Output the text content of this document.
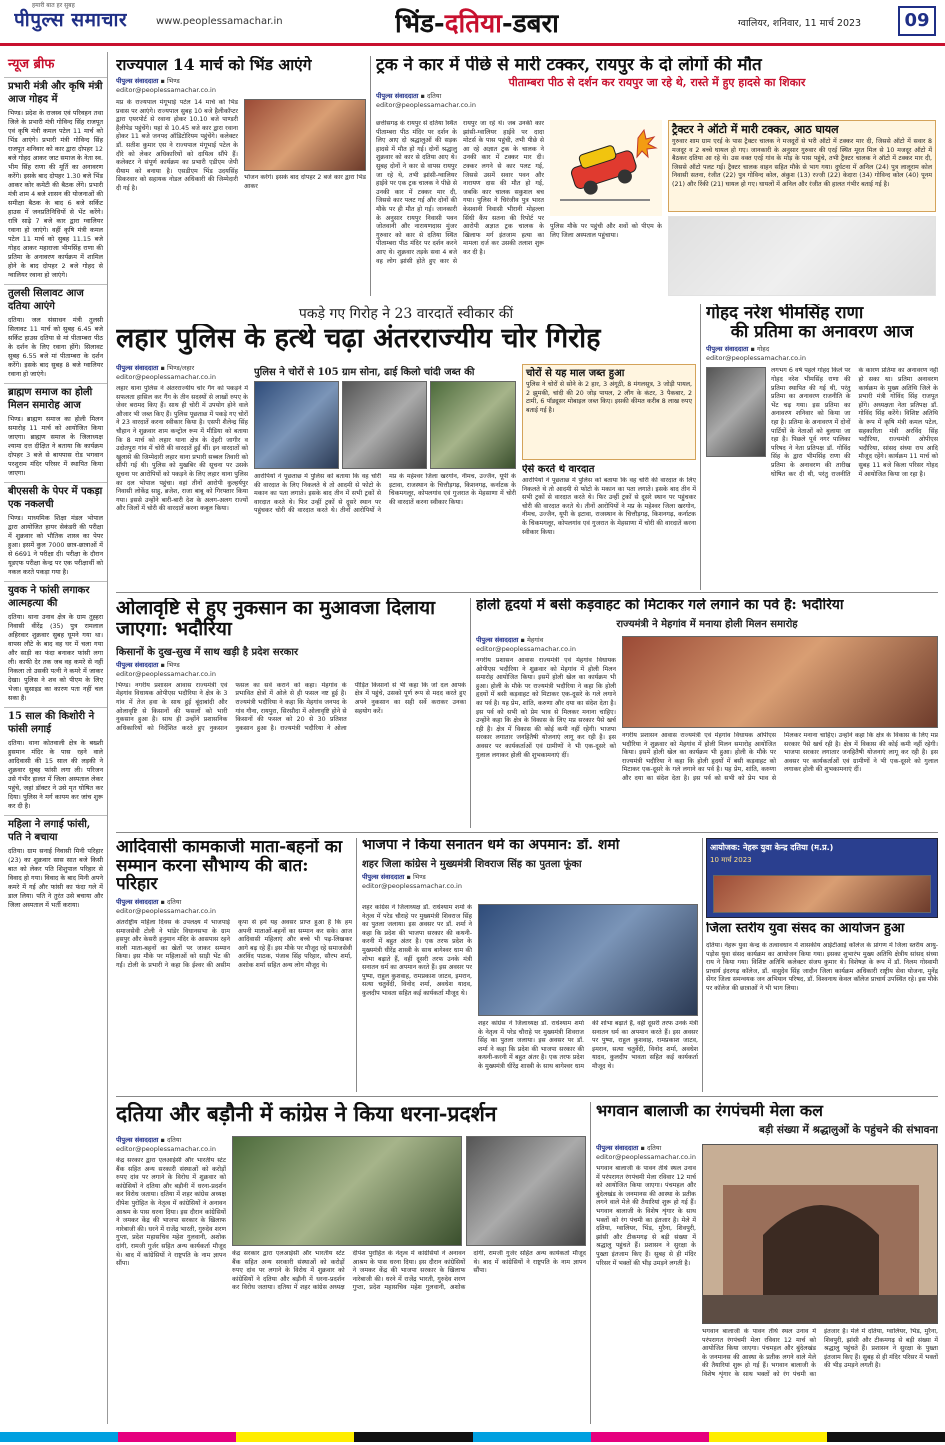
हमारी बात हर सुबह
पीपुल्स समाचार	www.peoplessamachar.in	भिंड-दतिया-डबरा	ग्वालियर, शनिवार, 11 मार्च 2023	09
न्यूज ब्रीफ
प्रभारी मंत्री और कृषि मंत्री आज गोहद में
भिण्ड। प्रदेश के राजस्व एवं परिवहन तथा जिले के प्रभारी मंत्री गोविन्द सिंह राजपूत एवं कृषि मंत्री कमल पटेल 11 मार्च को भिंड आएंगे। प्रभारी मंत्री गोविन्द सिंह राजपूत शनिवार को कार द्वारा दोपहर 12 बजे गोहद आकर जाट समाज के नेता स्व. भीम सिंह राणा की मूर्ति का अनावरण करेंगे। इसके बाद दोपहर 1.30 बजे भिंड आकर कोर कमेटी की बैठक लेंगे। प्रभारी मंत्री शाम 4 बजे शासन की योजनाओं की समीक्षा बैठक के बाद 6 बजे सर्किट हाउस में जनप्रतिनिधियों से भेंट करेंगे। रात्रि साढ़े 7 बजे कार द्वारा ग्वालियर रवाना हो जाएंगे। वहीं कृषि मंत्री कमल पटेल 11 मार्च को सुबह 11.15 बजे गोहद आकर महाराजा भीमसिंह राणा की प्रतिमा के अनावरण कार्यक्रम में शामिल होने के बाद दोपहर 2 बजे गोहद से ग्वालियर रवाना हो जाएंगे।
तुलसी सिलावट आज दतिया आएंगे
दतिया। जल संसाधन मंत्री तुलसी सिलावट 11 मार्च को सुबह 6.45 बजे सर्किट हाउस दतिया से मां पीताम्बरा पीठ के दर्शन के लिए रवाना होंगे। सिलावट सुबह 6.55 बजे मां पीताम्बरा के दर्शन करेंगे। इसके बाद सुबह 8 बजे ग्वालियर रवाना हो जाएंगे।
ब्राह्मण समाज का होली मिलन समारोह आज
भिण्ड। ब्राह्मण समाज का होली मिलन समारोह 11 मार्च को आयोजित किया जाएगा। ब्राह्मण समाज के जिलाध्यक्ष श्यामा दत्त दीक्षित ने बताया कि कार्यक्रम दोपहर 3 बजे से बायपास रोड भगवान परशुराम मंदिर परिसर में स्थापित किया जाएगा।
बीएससी के पेपर में पकड़ा एक नकलची
भिण्ड। माध्यमिक शिक्षा मंडल भोपाल द्वारा आयोजित हायर सेकंडरी की परीक्षा में शुक्रवार को भौतिक शास्त्र का पेपर हुआ। इसमें कुल 7000 छात्र-छात्राओं में से 6691 ने परीक्षा दी। परीक्षा के दौरान यूडएफ परीक्षा केन्द्र पर एक परीक्षार्थी को नकल करते पकड़ा गया है।
युवक ने फांसी लगाकर आत्महत्या की
दतिया। थाना उनाव क्षेत्र के ग्राम तुह्हरा निवासी वीरेंद्र (35) पुत्र रामलाल अहिरवार शुक्रवार सुबह घूमने गया था। वापस लौटे के बाद वह घर में चला गया और साड़ी का फंदा बनाकर फांसी लगा ली। काफी देर तक जब वह कमरे से नहीं निकला तो उसकी पत्नी ने कमरे में जाकर देखा। पुलिस ने शव को पीएम के लिए भेजा। सुसाइड का कारण पता नहीं चल सका है।
15 साल की किशोरी ने फांसी लगाई
दतिया। थाना कोतवाली क्षेत्र के बख्शी हुसमान मंदिर के पास रहने वाले आदिवासी की 15 साल की लड़की ने शुक्रवार सुबह फांसी लगा ली। परिजन उसे गंभीर हालत में जिला अस्पताल लेकर पहुंचे, जहां डॉक्टर ने उसे मृत घोषित कर दिया। पुलिस ने मर्ग कायम कर जांच शुरू कर दी है।
महिला ने लगाई फांसी, पति ने बचाया
दतिया। ग्राम सनाई निवासी मिनी परिहार (23) का शुक्रवार सास सात बजे किसी बात को लेकर पति शिशुपाल परिहार से विवाद हो गया। विवाद के बाद मिनी अपने कमरे में गई और फांसी का फंदा गले में डाल लिया। पति ने तुरंत उसे बचाया और जिला अस्पताल में भर्ती कराया।
राज्यपाल 14 मार्च को भिंड आएंगे
पीपुल्स संवाददाता ▪ भिण्ड
editor@peoplessamachar.co.in
मप्र के राज्यपाल मंगूभाई पटेल 14 मार्च को भिंड प्रवास पर आएंगे। राज्यपाल सुबह 10 बजे हैलीकॉप्टर द्वारा एयरपोर्ट से रवाना होकर 10.10 बजे पाण्डरी हैलीपेड पहुंचेंगे। यहां से 10.45 बजे कार द्वारा रवाना होकर 11 बजे जनपद ऑडिटोरियम पहुंचेंगे। कलेक्टर डॉ. सतीश कुमार एस ने राज्यपाल मंगूभाई पटेल के दौरे को लेकर अधिकारियों को दायित्व सौंपे हैं। कलेक्टर ने संपूर्ण कार्यक्रम का प्रभारी एडीएम जेपी सैयाम को बनाया है। एसडीएम भिंड उदयसिंह सिकरवार को सहायक नोडल अधिकारी की जिम्मेदारी दी गई है।
भोजन करेंगे। इसके बाद दोपहर 2 बजे कार द्वारा भिंड आकर
ट्रक ने कार में पीछे से मारी टक्कर, रायपुर के दो लोगों की मौत
पीताम्बरा पीठ से दर्शन कर रायपुर जा रहे थे, रास्ते में हुए हादसे का शिकार
पीपुल्स संवाददाता ▪ दतिया
editor@peoplessamachar.co.in
छत्तीसगढ़ के रायपुर से दतिया स्थित पीताम्बरा पीठ मंदिर पर दर्शन के लिए आए दो श्रद्धालुओं की सड़क हादसे में मौत हो गई। दोनों श्रद्धालु शुक्रवार को कार से दतिया आए थे। सुबह दोनों ने कार से वापस रायपुर जा रहे थे, तभी झांसी-ग्वालियर हाईवे पर एक ट्रक चालक ने पीछे से उनकी कार में टक्कर मार दी, जिससे कार पलट गई और दोनों की मौके पर ही मौत हो गई। जानकारी के अनुसार रायपुर निवासी पवन जोतवानी और नारायणदास मुंजर गुरुवार को कार से दतिया स्थित पीताम्बरा पीठ मंदिर पर दर्शन करने आए थे। शुक्रवार तड़के सवा 4 बजे वह लोग झांसी होते हुए कार से रायपुर जा रहे थे। जब उनकी कार झांसी-ग्वालियर हाईवे पर दादा मोटर्स के पास पहुंची, तभी पीछे से आ रहे अज्ञात ट्रक के चालक ने उनकी कार में टक्कर मार दी। टक्कर लगने से कार पलट गई, जिससे उसमें सवार पवन और नारायण दास की मौत हो गई, जबकि कार चालक सकुशल बच गया। पुलिस ने चिरंजीव पुत्र भारत केसवानी निवासी भीरानी मोहल्ला सिंधी कैंप सतना की रिपोर्ट पर आरोपी अज्ञात ट्रक चालक के खिलाफ मर्ग इंतजाम हत्या का मामला दर्ज कर उसकी तलाश शुरू कर दी है।
पुलिस मौके पर पहुंची और शवों को पीएम के लिए जिला अस्पताल पहुंचाया।
ट्रैक्टर ने ऑटो में मारी टक्कर, आठ घायल
गुरुवार शाम ग्राम एरई के पास ट्रैक्टर चालक ने मजदूरों से भरी ऑटो में टक्कर मार दी, जिससे ऑटो में सवार 8 मजदूर व 2 बच्चे घायल हो गए। जानकारी के अनुसार गुरुवार की एरई स्थित मूरत मिल से 10 मजदूर ऑटो में बैठकर दतिया आ रहे थे। उस वक्त एरई गांव के मोड़ के पास पहुंचे, तभी ट्रैक्टर चालक ने ऑटो में टक्कर मार दी, जिससे ऑटो पलट गई। ट्रैक्टर चालक वाहन सहित मौके से भाग गया। दुर्घटना में अनिल (24) पुत्र लालूराम कोल निवासी सतना, रंजीत (22) पुत्र गोविन्द कोल, अंकुश (13) रज्जी (22) केदारा (34) गोविन्द कोल (40) पूनम (21) और रिंकी (21) घायल हो गए। घायलों में अनिल और रंजीत की हालत गंभीर बताई गई है।
पकड़े गए गिरोह ने 23 वारदातें स्वीकार कीं
लहार पुलिस के हत्थे चढ़ा अंतरराज्यीय चोर गिरोह
पीपुल्स संवाददाता ▪ भिण्ड/लहार
editor@peoplessamachar.co.in
लहार थाना पुलिस ने अंतरराज्यीय चोर गैंग को पकड़ने में सफलता हासिल कर गैंग के तीन सदस्यों से लाखों रुपए के जेवर बरामद किए हैं। साथ ही चोरी में उपयोग होने वाले औजार भी जब्त किए हैं। पुलिस पूछताछ में पकड़े गए चोरों ने 23 वारदातें करना स्वीकार किया है। एसपी शैलेन्द्र सिंह चौहान ने शुक्रवार शाम कन्ट्रोल रूम में मीडिया को बताया कि 8 मार्च को लहार थाना क्षेत्र के देहरी जागीर व उदोतपुरा गांव में चोरी की वारदातें हुईं थीं। इन वारदातों को खुलासे की जिम्मेदारी लहार थाना प्रभारी सब्बल तिवारी को सौंपी गई थी। पुलिस को मुखबिर की सूचना पर उसके सूचना पर आरोपियों को पकड़ने के लिए लहार थाना पुलिस का दल भोपाल पहुंचा। वहां तीनों आरोपी कुल्हर्यपुर निवासी लोकेंद्र साहु, ब्रजेश, राजा बाबू को गिरफ्तार किया गया। इससे उन्होंने बारी-बारी देश के अलग-अलग राज्यों और जिलों में चोरी की वारदातें करना कबूल किया।
पुलिस ने चोरों से 105 ग्राम सोना, ढाई किलो चांदी जब्त की
आरोपियों ने पूछताछ में पुलिस को बताया कि वह चोरी की वारदात के लिए निकलते थे तो आदमी से फोटो के मकान का पता लगाते। इसके बाद तीन में सभी ट्रकों से वारदात करते थे। फिर उन्हीं ट्रकों से दूसरे स्थान पर पहुंचकर चोरी की वारदात करते थे। तीनों आरोपियों ने मप्र के महेश्वर जिला खरगोन, नीमच, उज्जैन, यूपी के इटावा, राजस्थान के चित्तौड़गढ़, किशनगढ़, कर्नाटक के चिकमगलूर, कोपलगांव एवं गुजरात के मेहसाणा में चोरी की वारदातें करना स्वीकार किया।
चोरों से यह माल जब्त हुआ
पुलिस ने चोरों से सोने के 2 हार, 3 अंगूठी, 8 मंगलसूत्र, 3 जोड़ी पायल, 2 झुमकी, चांदी की 20 जोड़ पायल, 2 लौंग के कंटर, 3 पैकबार, 2 टामी, 6 पॉड्यूसर मोबाइल जब्त किए। इसकी कीमत करीब 8 लाख रुपए बताई गई है।
ऐसे करते थे वारदात
आरोपियों ने पूछताछ में पुलिस को बताया कि वह चोरी की वारदात के लिए निकलते थे तो आदमी से फोटो के मकान का पता लगाते। इसके बाद तीन में सभी ट्रकों से वारदात करते थे। फिर उन्हीं ट्रकों से दूसरे स्थान पर पहुंचकर चोरी की वारदात करते थे। तीनों आरोपियों ने मप्र के महेश्वर जिला खरगोन, नीमच, उज्जैन, यूपी के इटावा, राजस्थान के चित्तौड़गढ़, किशनगढ़, कर्नाटक के चिकमगलूर, कोपलगांव एवं गुजरात के मेहसाणा में चोरी की वारदातें करना स्वीकार किया।
गोहद नरेश भीमसिंह राणा
की प्रतिमा का अनावरण आज
पीपुल्स संवाददाता ▪ गोहद
editor@peoplessamachar.co.in
लगभग 6 वर्ष पहले गोहद किले पर गोहद नरेश भीमसिंह राणा की प्रतिमा स्थापित की गई थी, परंतु प्रतिमा का अनावरण राजनीति के भेंट चढ़ गया। इस प्रतिमा का अनावरण शनिवार को किया जा रहा है। प्रतिमा के अनावरण में दोनों पार्टियों के नेताओं को बुलाया जा रहा है। पिछले पूर्व नगर पालिका परिषद ने नेता प्रतिपक्ष डॉ. गोविंद सिंह के द्वारा भीमसिंह राणा की प्रतिमा के अनावरण की तारीख घोषित कर दी थी, परंतु राजनीति के कारण प्रतिमा का अनावरण नहीं हो सका था। प्रतिमा अनावरण कार्यक्रम के मुख्य अतिथि जिले के प्रभारी मंत्री गोविंद सिंह राजपूत होंगे। अध्यक्षता नेता प्रतिपक्ष डॉ. गोविंद सिंह करेंगे। विशिष्ट अतिथि के रूप में कृषि मंत्री कमल पटेल, सहकारिता मंत्री अरविंद सिंह भदौरिया, राज्यमंत्री ओपीएस भदौरिया, सांसद संध्या राय आदि मौजूद रहेंगे। कार्यक्रम 11 मार्च को सुबह 11 बजे किला परिसर गोहद में आयोजित किया जा रहा है।
ओलावृष्टि से हुए नुकसान का मुआवजा दिलाया जाएगा: भदौरिया
किसानों के दुख-सुख में साथ खड़ी है प्रदेश सरकार
पीपुल्स संवाददाता ▪ भिण्ड
editor@peoplessamachar.co.in
भिण्ड। नगरीय प्रशासन आवास राज्यमंत्री एवं मेहगांव विधायक ओपीएस भदौरिया ने क्षेत्र के 3 गांव में तेज हवा के साथ हुई बूंदाबांदी और ओलावृष्टि से किसानों की फसलों को भारी नुकसान हुआ है। साथ ही उन्होंने प्रशासनिक अधिकारियों को निर्देशित करते हुए नुकसान फसल का सर्वे कराने को कहा। मेहगांव के प्रभावित क्षेत्रों में ओले से ही फसल नष्ट हुई है। राज्यमंत्री भदौरिया ने कहा कि मेहगांव जनपद के गांव गौना, रायपुरा, सिरसौदा में ओलावृष्टि होने से किसानों की फसल को 20 से 30 प्रतिशत नुकसान हुआ है। राज्यमंत्री भदौरिया ने ओला पीड़ित किसानों से भी कहा कि जो दल आपके क्षेत्र में पहुंचे, उसको पूर्ण रूप से मदद करते हुए अपने नुकसान का सही सर्वे कराकर उनका सहयोग करें।
होली हृदयों में बसी कड़वाहट को मिटाकर गले लगाने का पर्व है: भदौरिया
राज्यमंत्री ने मेहगांव में मनाया होली मिलन समारोह
पीपुल्स संवाददाता ▪ मेहगांव
editor@peoplessamachar.co.in
नगरीय प्रशासन आवास राज्यमंत्री एवं मेहगांव विधायक ओपीएस भदौरिया ने शुक्रवार को मेहगांव में होली मिलन समारोह आयोजित किया। इसमें होली खेल का कार्यक्रम भी हुआ। होली के मौके पर राज्यमंत्री भदौरिया ने कहा कि होली हृदयों में बसी कड़वाहट को मिटाकर एक-दूसरे के गले लगाने का पर्व है। यह प्रेम, शांति, करुणा और दया का संदेश देता है। इस पर्व को सभी को प्रेम भाव से मिलकर मनाना चाहिए। उन्होंने कहा कि क्षेत्र के विकास के लिए मप्र सरकार पैसे खर्च रही है। क्षेत्र में विकास की कोई कमी नहीं रहेगी। भाजपा सरकार लगातार जनहितैषी योजनाएं लागू कर रही है। इस अवसर पर कार्यकर्ताओं एवं ग्रामीणों ने भी एक-दूसरे को गुलाल लगाकर होली की शुभकामनाएं दीं।
नगरीय प्रशासन आवास राज्यमंत्री एवं मेहगांव विधायक ओपीएस भदौरिया ने शुक्रवार को मेहगांव में होली मिलन समारोह आयोजित किया। इसमें होली खेल का कार्यक्रम भी हुआ। होली के मौके पर राज्यमंत्री भदौरिया ने कहा कि होली हृदयों में बसी कड़वाहट को मिटाकर एक-दूसरे के गले लगाने का पर्व है। यह प्रेम, शांति, करुणा और दया का संदेश देता है। इस पर्व को सभी को प्रेम भाव से मिलकर मनाना चाहिए। उन्होंने कहा कि क्षेत्र के विकास के लिए मप्र सरकार पैसे खर्च रही है। क्षेत्र में विकास की कोई कमी नहीं रहेगी। भाजपा सरकार लगातार जनहितैषी योजनाएं लागू कर रही है। इस अवसर पर कार्यकर्ताओं एवं ग्रामीणों ने भी एक-दूसरे को गुलाल लगाकर होली की शुभकामनाएं दीं।
आदिवासी कामकाजी माता-बहनों का सम्मान करना सौभाग्य की बात: परिहार
पीपुल्स संवाददाता ▪ दतिया
editor@peoplessamachar.co.in
अंतर्राष्ट्रीय महिला दिवस के उपलक्ष्य में भाजपाई समाजसेवी टोली ने भांडेर विधानसभा के ग्राम हसपुर और केसरी हनुमान मंदिर के आसपास रहने वाली माता-बहनों का खेतों पर जाकर सम्मान किया। इस मौके पर महिलाओं को साड़ी भेंट की गईं। टोली के प्रभारी ने कहा कि ईश्वर की असीम कृपा से हमें यह अवसर प्राप्त हुआ है कि हम अपनी माताओं-बहनों का सम्मान कर सके। आज आदिवासी महिलाएं और बच्चे भी पढ़-लिखकर आगे बढ़ रहे हैं। इस मौके पर मौजूद रहे समाजसेवी अरविंद पाठक, पंजाब सिंह परिहार, सौरभ शर्मा, अशोक शर्मा सहित अन्य लोग मौजूद थे।
भाजपा ने किया सनातन धर्म का अपमान: डॉ. शर्मा
शहर जिला कांग्रेस ने मुख्यमंत्री शिवराज सिंह का पुतला फूंका
पीपुल्स संवाददाता ▪ भिण्ड
editor@peoplessamachar.co.in
शहर कांग्रेस ने जिलाध्यक्ष डॉ. राधेश्याम शर्मा के नेतृत्व में परेड चौराहे पर मुख्यमंत्री शिवराज सिंह का पुतला जलाया। इस अवसर पर डॉ. शर्मा ने कहा कि प्रदेश की भाजपा सरकार की कथनी-करनी में बहुत अंतर है। एक तरफ प्रदेश के मुख्यमंत्री धीरेंद्र शास्त्री के साथ बागेश्वर धाम की शोभा बढ़ाते हैं, वहीं दूसरी तरफ उनके मंत्री सनातन धर्म का अपमान करते हैं। इस अवसर पर पुष्पा, राहुल कुशवाह, रामप्रकाश जाटव, इमरान, सत्या चतुर्वेदी, विनोद शर्मा, अवधेश यादव, कुलदीप भावता सहित कई कार्यकर्ता मौजूद थे।
शहर कांग्रेस ने जिलाध्यक्ष डॉ. राधेश्याम शर्मा के नेतृत्व में परेड चौराहे पर मुख्यमंत्री शिवराज सिंह का पुतला जलाया। इस अवसर पर डॉ. शर्मा ने कहा कि प्रदेश की भाजपा सरकार की कथनी-करनी में बहुत अंतर है। एक तरफ प्रदेश के मुख्यमंत्री धीरेंद्र शास्त्री के साथ बागेश्वर धाम की शोभा बढ़ाते हैं, वहीं दूसरी तरफ उनके मंत्री सनातन धर्म का अपमान करते हैं। इस अवसर पर पुष्पा, राहुल कुशवाह, रामप्रकाश जाटव, इमरान, सत्या चतुर्वेदी, विनोद शर्मा, अवधेश यादव, कुलदीप भावता सहित कई कार्यकर्ता मौजूद थे।
आयोजक: नेहरू युवा केन्द्र दतिया (म.प्र.)
10 मार्च 2023
जिला स्तरीय युवा संसद का आयोजन हुआ
दतिया। नेहरू युवा केन्द्र के तत्वावधान में शासकीय आईटीआई कॉलेज के प्रांगण में जिला स्तरीय आयु-पड़ोस युवा संसद कार्यक्रम का आयोजन किया गया। इसका शुभारंभ मुख्य अतिथि क्षेत्रीय सांसद संध्या राय ने किया गया। विशिष्ट अतिथि कलेक्टर संजय कुमार थे। विशेषज्ञ के रूप में डॉ. निलम गोस्वामी प्राचार्य इंदरगढ़ कॉलेज, डॉ. वासुदेव सिंह जादौन जिला कार्यक्रम अधिकारी राष्ट्रीय सेवा योजना, मुनेंद्र सेंगर जिला समन्वयक जन अभियान परिषद, डॉ. विश्वनाथ केवल कॉलेज प्राचार्य उपस्थित रहे। इस मौके पर कॉलेज की छात्राओं ने भी भाग लिया।
दतिया और बड़ौनी में कांग्रेस ने किया धरना-प्रदर्शन
पीपुल्स संवाददाता ▪ दतिया
editor@peoplessamachar.co.in
केंद्र सरकार द्वारा एलआईसी और भारतीय स्टेट बैंक सहित अन्य सरकारी संस्थाओं को करोड़ों रुपए दांव पर लगाने के विरोध में शुक्रवार को कांग्रेसियों ने दतिया और बड़ौनी में धरना-प्रदर्शन कर विरोध जताया। दतिया में शहर कांग्रेस अध्यक्ष दीपेश पुरोहित के नेतृत्व में कांग्रेसियों ने अनावन आश्रम के पास धरना दिया। इस दौरान कांग्रेसियों ने जमकर केंद्र की भाजपा सरकार के खिलाफ नारेबाजी की। धरने में राजेंद्र भारती, गुरुदेव शरण गुप्ता, प्रदेश महासचिव महेश गुलवानी, अशोक दांगी, रामजी गुर्जर सहित अन्य कार्यकर्ता मौजूद थे। बाद में कांग्रेसियों ने राष्ट्रपति के नाम ज्ञापन सौंपा।
केंद्र सरकार द्वारा एलआईसी और भारतीय स्टेट बैंक सहित अन्य सरकारी संस्थाओं को करोड़ों रुपए दांव पर लगाने के विरोध में शुक्रवार को कांग्रेसियों ने दतिया और बड़ौनी में धरना-प्रदर्शन कर विरोध जताया। दतिया में शहर कांग्रेस अध्यक्ष दीपेश पुरोहित के नेतृत्व में कांग्रेसियों ने अनावन आश्रम के पास धरना दिया। इस दौरान कांग्रेसियों ने जमकर केंद्र की भाजपा सरकार के खिलाफ नारेबाजी की। धरने में राजेंद्र भारती, गुरुदेव शरण गुप्ता, प्रदेश महासचिव महेश गुलवानी, अशोक दांगी, रामजी गुर्जर सहित अन्य कार्यकर्ता मौजूद थे। बाद में कांग्रेसियों ने राष्ट्रपति के नाम ज्ञापन सौंपा।
भगवान बालाजी का रंगपंचमी मेला कल
बड़ी संख्या में श्रद्धालुओं के पहुंचने की संभावना
पीपुल्स संवाददाता ▪ दतिया
editor@peoplessamachar.co.in
भगवान बालाजी के पावन तीर्थ स्थल उनाव में परंपरागत रंगपंचमी मेला रविवार 12 मार्च को आयोजित किया जाएगा। पंचमहल और बुंदेलखंड के जनमानस की आस्था के प्रतीक लगने वाले मेले की तैयारियां शुरू हो गई हैं। भगवान बालाजी के विशेष शृंगार के साथ भक्तों को रंग पंचमी का इंतजार है। मेले में दतिया, ग्वालियर, भिंड, मुरैना, शिवपुरी, झांसी और टीकमगढ़ से बड़ी संख्या में श्रद्धालु पहुंचते हैं। प्रशासन ने सुरक्षा के पुख्ता इंतजाम किए हैं। सुबह से ही मंदिर परिसर में भक्तों की भीड़ उमड़ने लगती है।
भगवान बालाजी के पावन तीर्थ स्थल उनाव में परंपरागत रंगपंचमी मेला रविवार 12 मार्च को आयोजित किया जाएगा। पंचमहल और बुंदेलखंड के जनमानस की आस्था के प्रतीक लगने वाले मेले की तैयारियां शुरू हो गई हैं। भगवान बालाजी के विशेष शृंगार के साथ भक्तों को रंग पंचमी का इंतजार है। मेले में दतिया, ग्वालियर, भिंड, मुरैना, शिवपुरी, झांसी और टीकमगढ़ से बड़ी संख्या में श्रद्धालु पहुंचते हैं। प्रशासन ने सुरक्षा के पुख्ता इंतजाम किए हैं। सुबह से ही मंदिर परिसर में भक्तों की भीड़ उमड़ने लगती है।
